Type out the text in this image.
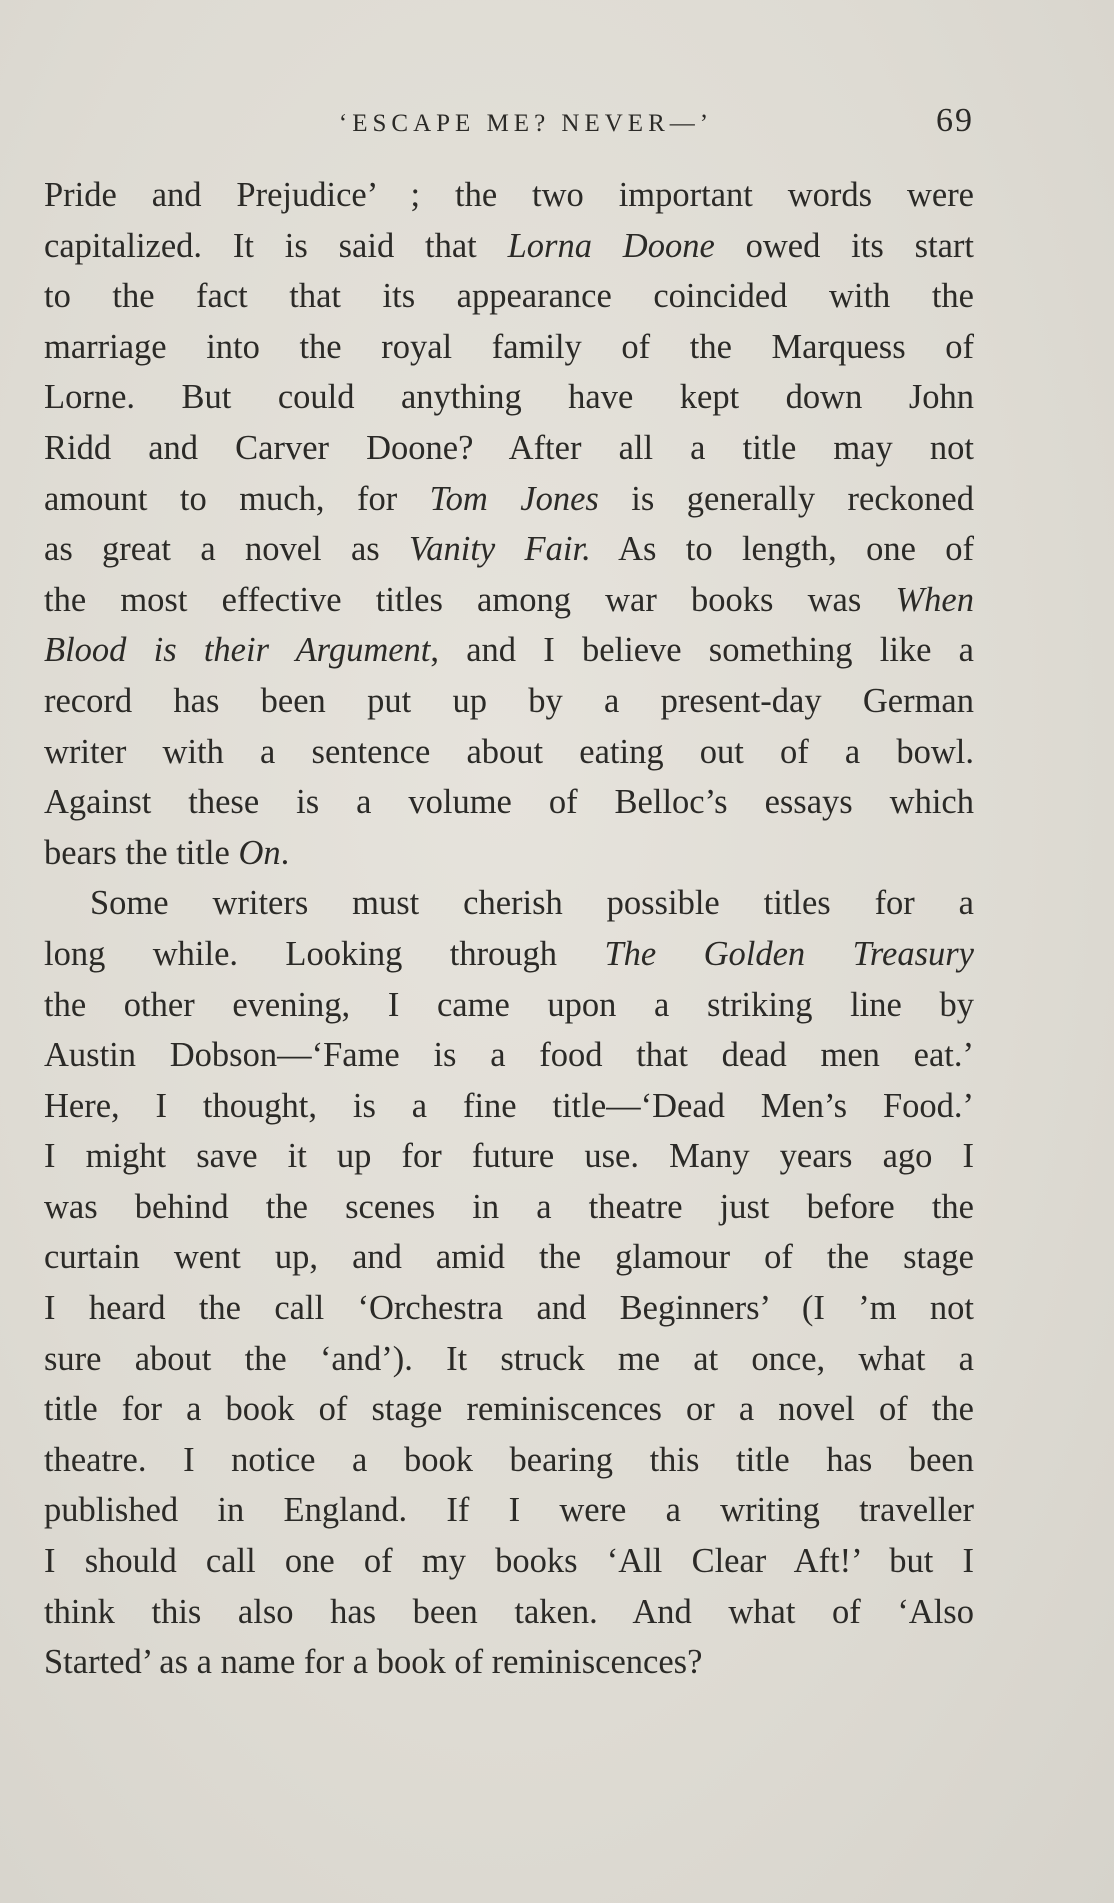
‘ESCAPE ME? NEVER—’	69
Pride and Prejudice’ ; the two important words were
capitalized. It is said that Lorna Doone owed its start
to the fact that its appearance coincided with the
marriage into the royal family of the Marquess of
Lorne. But could anything have kept down John
Ridd and Carver Doone? After all a title may not
amount to much, for Tom Jones is generally reckoned
as great a novel as Vanity Fair. As to length, one of
the most effective titles among war books was When
Blood is their Argument, and I believe something like a
record has been put up by a present-day German
writer with a sentence about eating out of a bowl.
Against these is a volume of Belloc’s essays which
bears the title On.
Some writers must cherish possible titles for a
long while. Looking through The Golden Treasury
the other evening, I came upon a striking line by
Austin Dobson—‘Fame is a food that dead men eat.’
Here, I thought, is a fine title—‘Dead Men’s Food.’
I might save it up for future use. Many years ago I
was behind the scenes in a theatre just before the
curtain went up, and amid the glamour of the stage
I heard the call ‘Orchestra and Beginners’ (I ’m not
sure about the ‘and’). It struck me at once, what a
title for a book of stage reminiscences or a novel of the
theatre. I notice a book bearing this title has been
published in England. If I were a writing traveller
I should call one of my books ‘All Clear Aft!’ but I
think this also has been taken. And what of ‘Also
Started’ as a name for a book of reminiscences?
